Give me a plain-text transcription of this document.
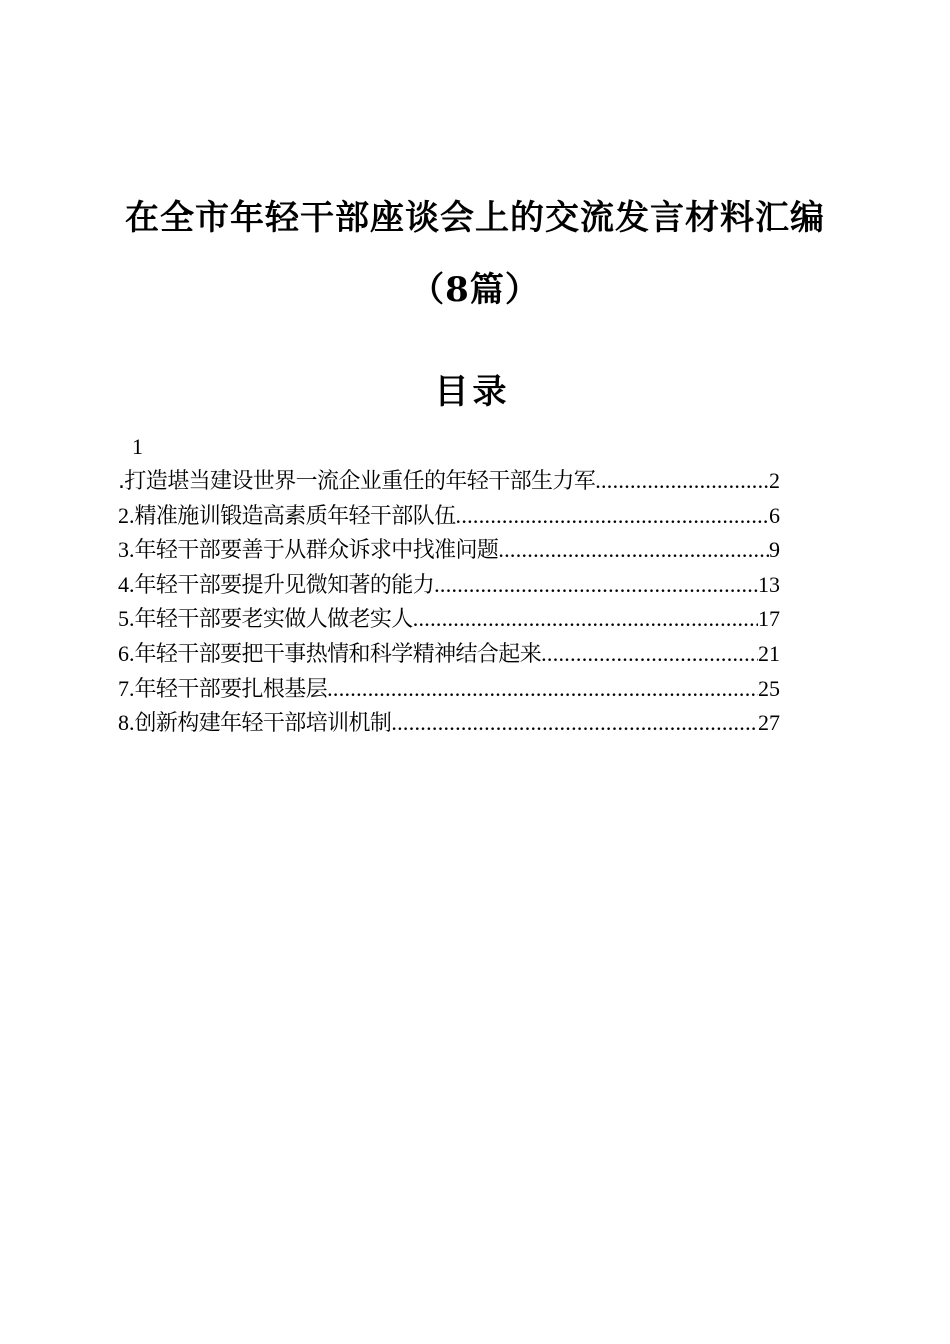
在全市年轻干部座谈会上的交流发言材料汇编
（8篇）
目录
1
.打造堪当建设世界一流企业重任的年轻干部生力军 .....	2
2. 精准施训锻造高素质年轻干部队伍 .....	6
3. 年轻干部要善于从群众诉求中找准问题 .....	9
4. 年轻干部要提升见微知著的能力 .....	13
5. 年轻干部要老实做人做老实人 .....	17
6. 年轻干部要把干事热情和科学精神结合起来 .....	21
7. 年轻干部要扎根基层 .....	25
8. 创新构建年轻干部培训机制 .....	27
